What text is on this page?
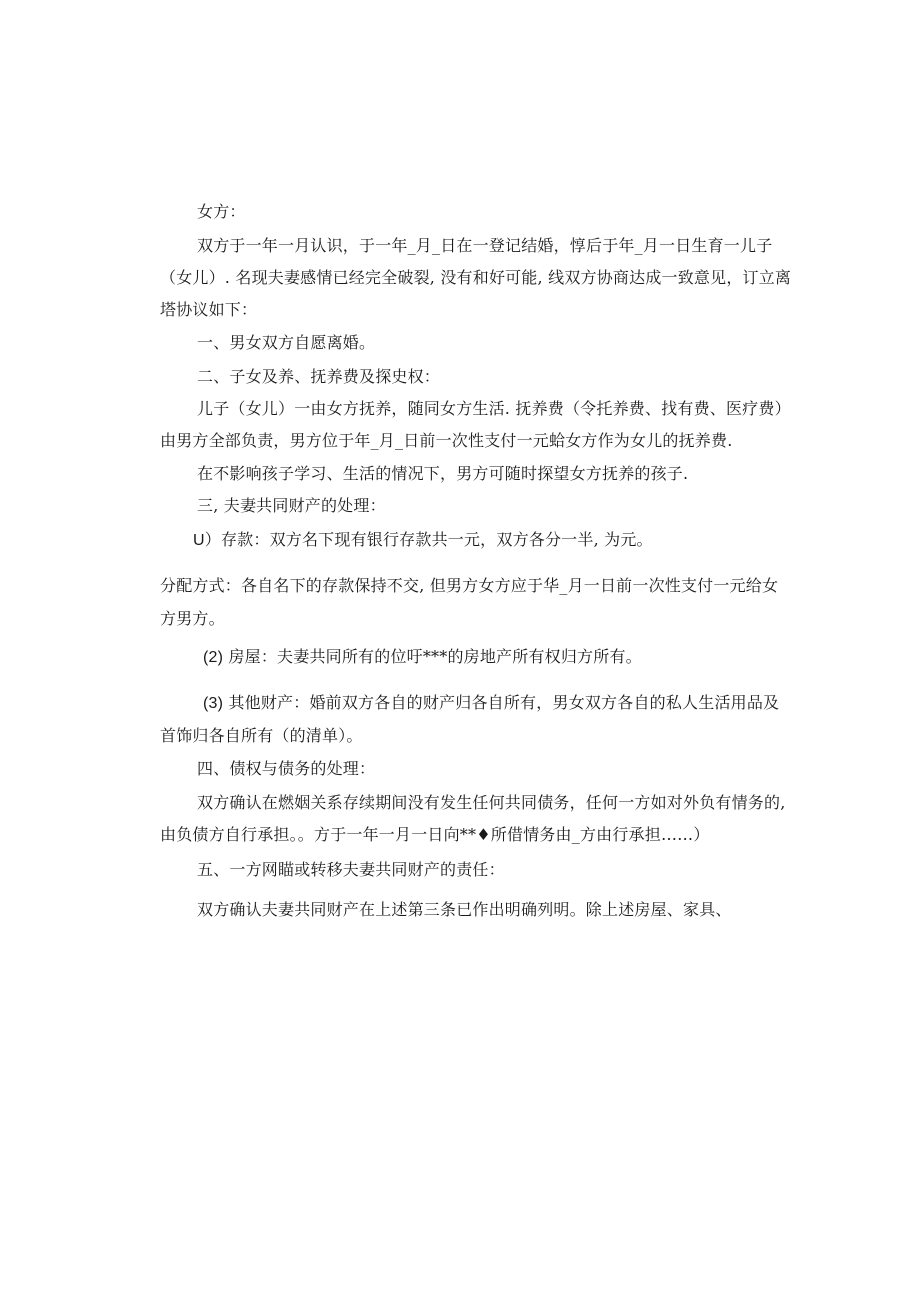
女方：
双方于一年一月认识，于一年_月_日在一登记结婚，惇后于年_月一日生育一儿子
（女儿）. 名现夫妻感情已经完全破裂, 没有和好可能, 线双方协商达成一致意见，订立离
塔协议如下：
一、男女双方自愿离婚。
二、子女及养、抚养费及探史权：
儿子（女儿）一由女方抚养，随同女方生活. 抚养费（令托养费、找有费、医疗费）
由男方全部负责，男方位于年_月_日前一次性支付一元蛤女方作为女儿的抚养费.
在不影响孩子学习、生活的情况下，男方可随时探望女方抚养的孩子.
三, 夫妻共同财产的处理：
U）存款：双方名下现有银行存款共一元，双方各分一半, 为元。
分配方式：各自名下的存款保持不交, 但男方女方应于华_月一日前一次性支付一元给女
方男方。
(2) 房屋：夫妻共同所有的位吁***的房地产所有权归方所有。
(3) 其他财产：婚前双方各自的财产归各自所有，男女双方各自的私人生活用品及
首饰归各自所有（的清单）。
四、债权与债务的处理：
双方确认在燃姻关系存续期间没有发生任何共同债务，任何一方如对外负有情务的,
由负债方自行承担。。方于一年一月一日向**♦所借情务由_方由行承担……）
五、一方网瞄或转移夫妻共同财产的责任：
双方确认夫妻共同财产在上述第三条已作出明确列明。除上述房屋、家具、
